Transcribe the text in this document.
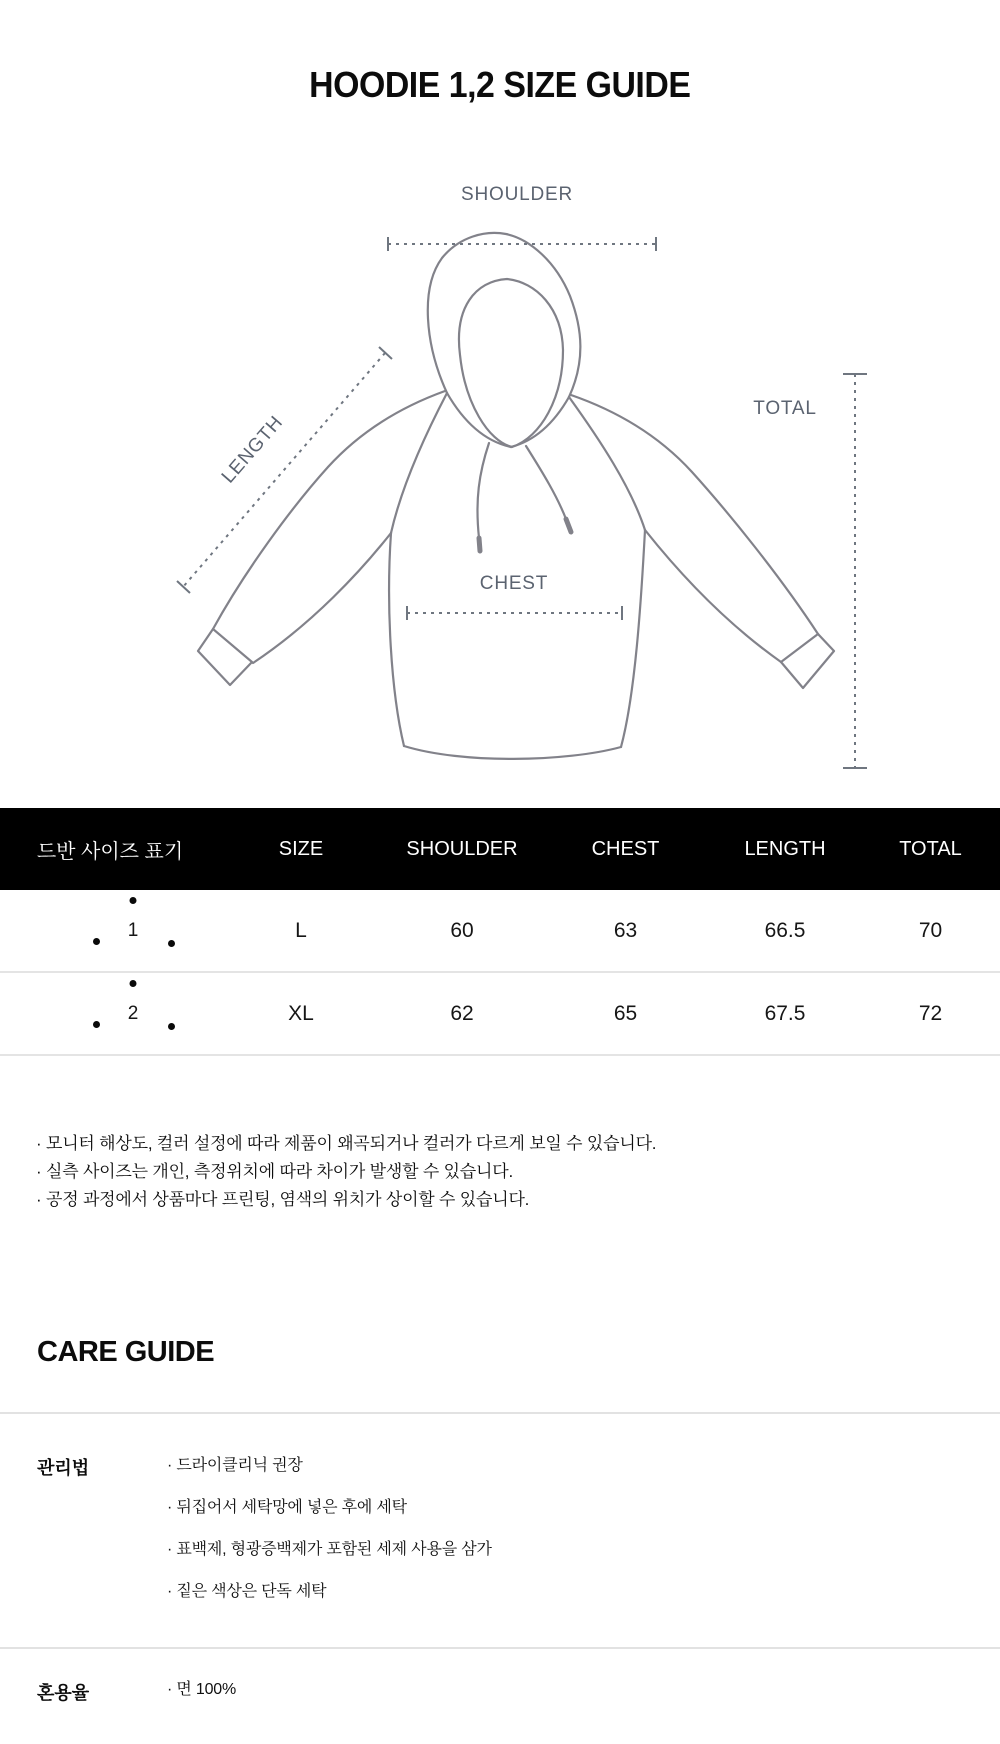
HOODIE 1,2 SIZE GUIDE
SHOULDER
LENGTH
TOTAL
CHEST
드반 사이즈 표기	SIZE	SHOULDER	CHEST	LENGTH	TOTAL
1	L	60	63	66.5	70
2	XL	62	65	67.5	72
· 모니터 해상도, 컬러 설정에 따라 제품이 왜곡되거나 컬러가 다르게 보일 수 있습니다.
· 실측 사이즈는 개인, 측정위치에 따라 차이가 발생할 수 있습니다.
· 공정 과정에서 상품마다 프린팅, 염색의 위치가 상이할 수 있습니다.
CARE GUIDE
관리법	· 드라이클리닉 권장
· 뒤집어서 세탁망에 넣은 후에 세탁
· 표백제, 형광증백제가 포함된 세제 사용을 삼가
· 짙은 색상은 단독 세탁
혼용율	· 면 100%
